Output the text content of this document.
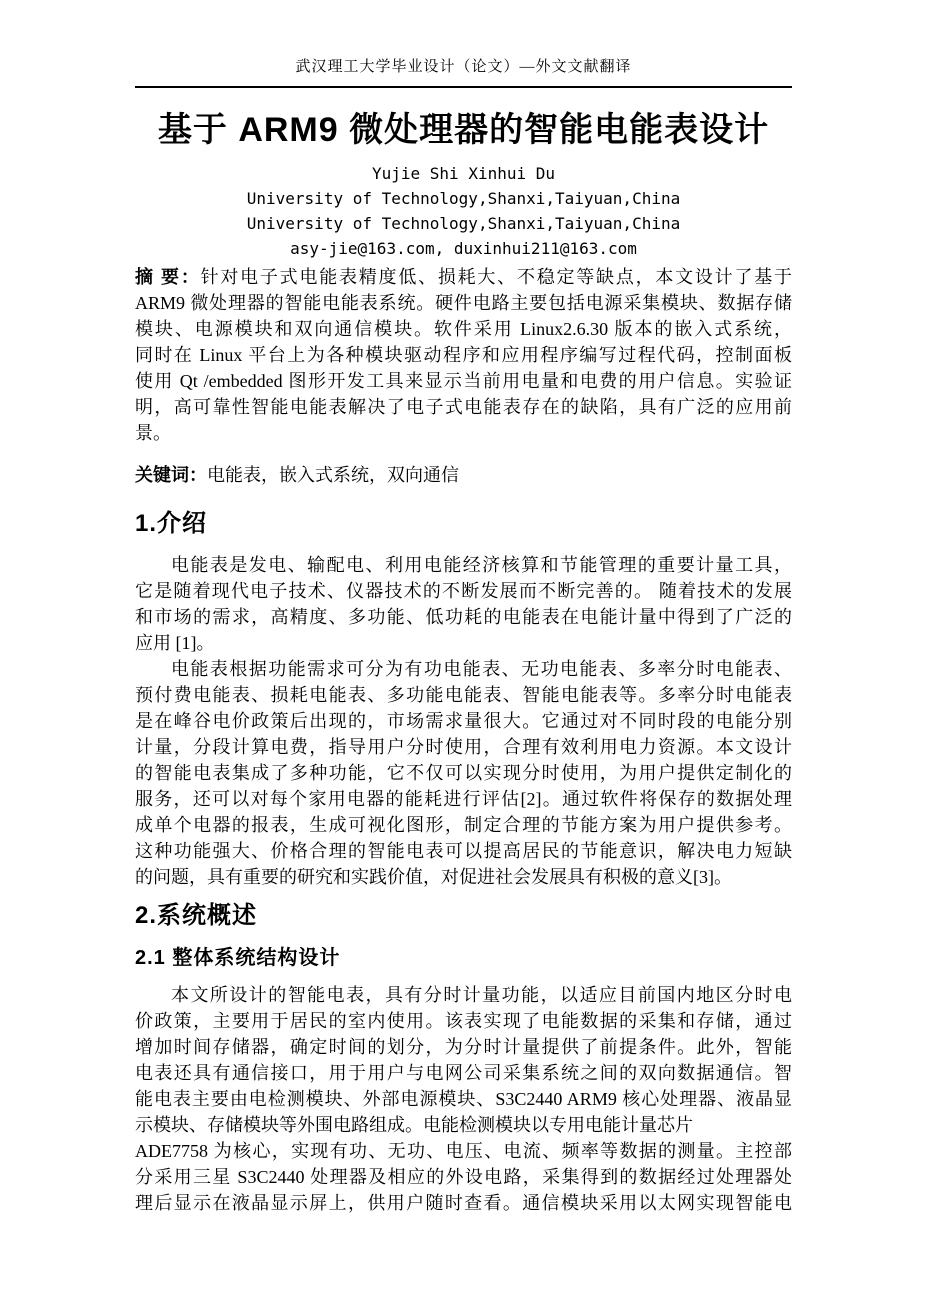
武汉理工大学毕业设计（论文）—外文文献翻译
基于 ARM9 微处理器的智能电能表设计
Yujie Shi Xinhui Du
University of Technology,Shanxi,Taiyuan,China
University of Technology,Shanxi,Taiyuan,China
asy-jie@163.com, duxinhui211@163.com
摘 要：针对电子式电能表精度低、损耗大、不稳定等缺点，本文设计了基于
ARM9 微处理器的智能电能表系统。硬件电路主要包括电源采集模块、数据存储
模块、电源模块和双向通信模块。软件采用 Linux2.6.30 版本的嵌入式系统，
同时在 Linux 平台上为各种模块驱动程序和应用程序编写过程代码，控制面板
使用 Qt /embedded 图形开发工具来显示当前用电量和电费的用户信息。实验证
明，高可靠性智能电能表解决了电子式电能表存在的缺陷，具有广泛的应用前
景。
关键词：电能表，嵌入式系统，双向通信
1.介绍
电能表是发电、输配电、利用电能经济核算和节能管理的重要计量工具，
它是随着现代电子技术、仪器技术的不断发展而不断完善的。 随着技术的发展
和市场的需求，高精度、多功能、低功耗的电能表在电能计量中得到了广泛的
应用 [1]。
电能表根据功能需求可分为有功电能表、无功电能表、多率分时电能表、
预付费电能表、损耗电能表、多功能电能表、智能电能表等。多率分时电能表
是在峰谷电价政策后出现的，市场需求量很大。它通过对不同时段的电能分别
计量，分段计算电费，指导用户分时使用，合理有效利用电力资源。本文设计
的智能电表集成了多种功能，它不仅可以实现分时使用，为用户提供定制化的
服务，还可以对每个家用电器的能耗进行评估[2]。通过软件将保存的数据处理
成单个电器的报表，生成可视化图形，制定合理的节能方案为用户提供参考。
这种功能强大、价格合理的智能电表可以提高居民的节能意识，解决电力短缺
的问题，具有重要的研究和实践价值，对促进社会发展具有积极的意义[3]。
2.系统概述
2.1 整体系统结构设计
本文所设计的智能电表，具有分时计量功能，以适应目前国内地区分时电
价政策，主要用于居民的室内使用。该表实现了电能数据的采集和存储，通过
增加时间存储器，确定时间的划分，为分时计量提供了前提条件。此外，智能
电表还具有通信接口，用于用户与电网公司采集系统之间的双向数据通信。智
能电表主要由电检测模块、外部电源模块、S3C2440 ARM9 核心处理器、液晶显
示模块、存储模块等外围电路组成。电能检测模块以专用电能计量芯片
ADE7758 为核心，实现有功、无功、电压、电流、频率等数据的测量。主控部
分采用三星 S3C2440 处理器及相应的外设电路，采集得到的数据经过处理器处
理后显示在液晶显示屏上，供用户随时查看。通信模块采用以太网实现智能电
